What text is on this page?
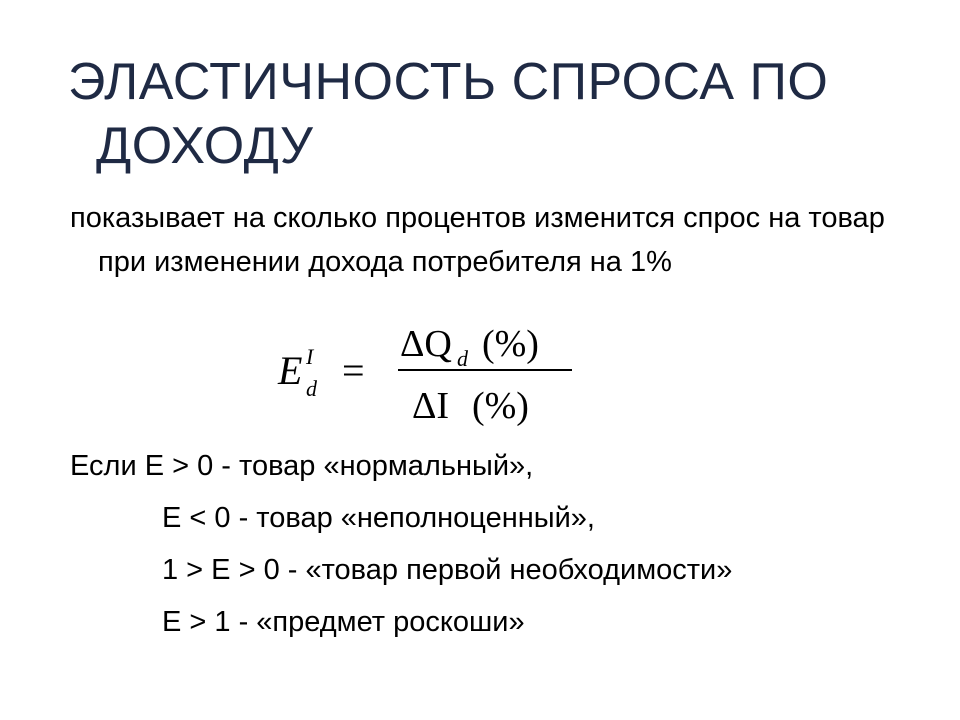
ЭЛАСТИЧНОСТЬ СПРОСА ПО ДОХОДУ
показывает на сколько процентов изменится спрос на товар при изменении дохода потребителя на 1%
E I
d =
ΔQ d (%)
ΔI (%)
Если E > 0 - товар «нормальный»,
E < 0 - товар «неполноценный»,
1 > E > 0 - «товар первой необходимости»
E > 1 - «предмет роскоши»
